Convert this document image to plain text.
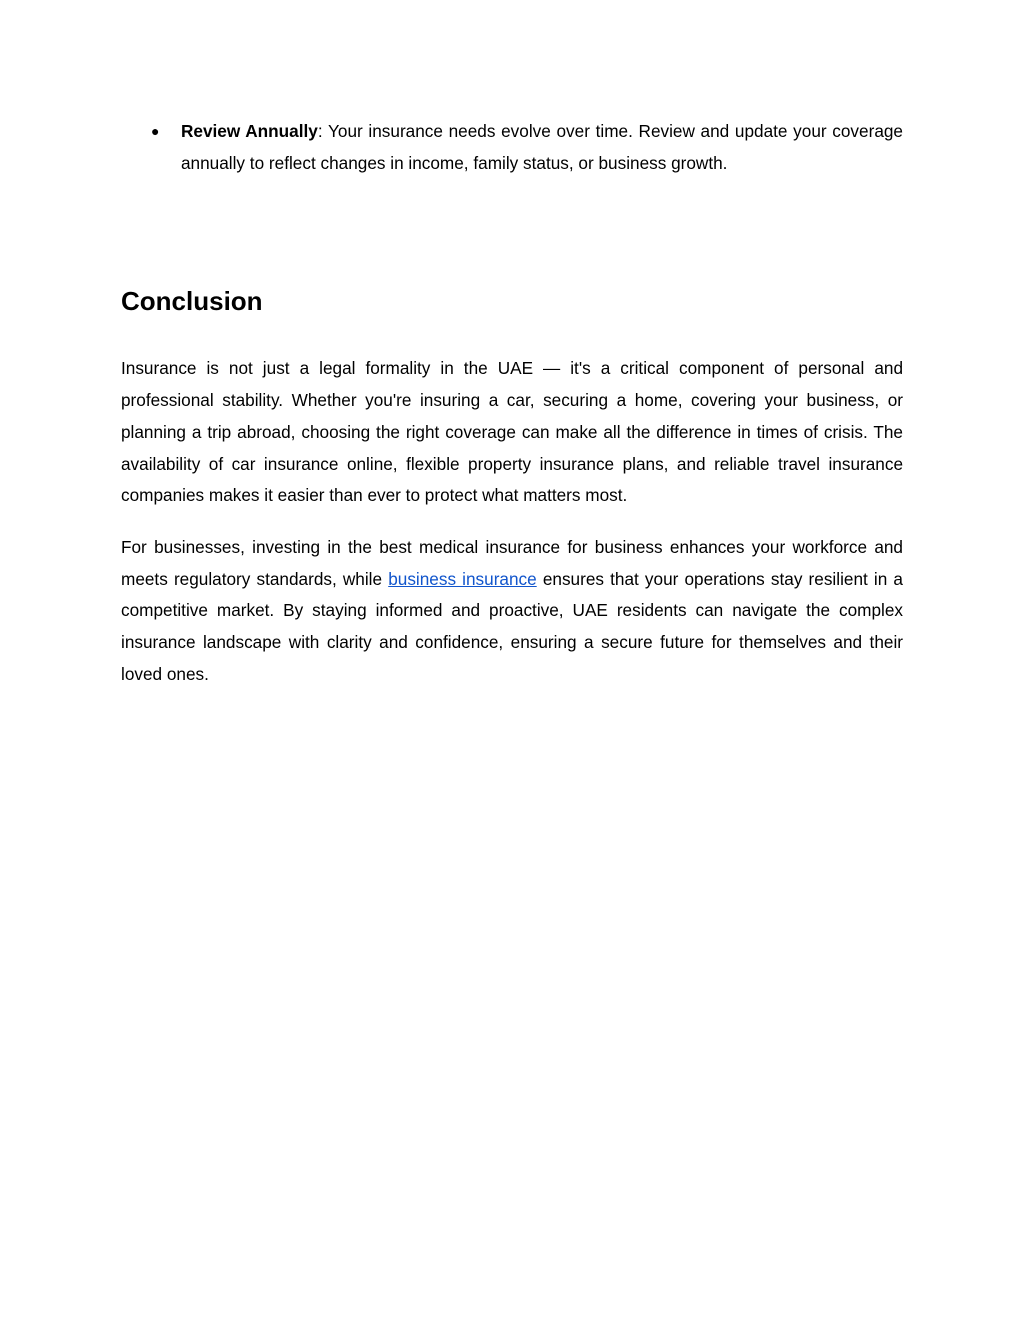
● Review Annually: Your insurance needs evolve over time. Review and update your coverage annually to reflect changes in income, family status, or business growth.
Conclusion

Insurance is not just a legal formality in the UAE — it's a critical component of personal and professional stability. Whether you're insuring a car, securing a home, covering your business, or planning a trip abroad, choosing the right coverage can make all the difference in times of crisis. The availability of car insurance online, flexible property insurance plans, and reliable travel insurance companies makes it easier than ever to protect what matters most.

For businesses, investing in the best medical insurance for business enhances your workforce and meets regulatory standards, while business insurance ensures that your operations stay resilient in a competitive market. By staying informed and proactive, UAE residents can navigate the complex insurance landscape with clarity and confidence, ensuring a secure future for themselves and their loved ones.
